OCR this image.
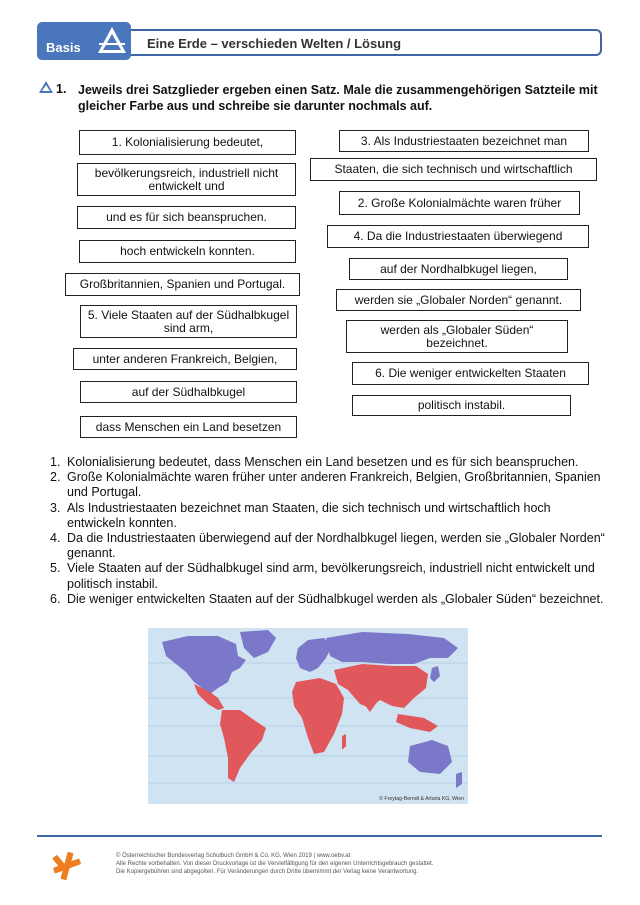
Basis	Eine Erde – verschieden Welten / Lösung
1. Jeweils drei Satzglieder ergeben einen Satz. Male die zusammengehörigen Satzteile mit gleicher Farbe aus und schreibe sie darunter nochmals auf.
1. Kolonialisierung bedeutet,
bevölkerungsreich, industriell nicht entwickelt und
und es für sich beanspruchen.
hoch entwickeln konnten.
Großbritannien, Spanien und Portugal.
5. Viele Staaten auf der Südhalbkugel sind arm,
unter anderen Frankreich, Belgien,
auf der Südhalbkugel
dass Menschen ein Land besetzen
3. Als Industriestaaten bezeichnet man
Staaten, die sich technisch und wirtschaftlich
2. Große Kolonialmächte waren früher
4. Da die Industriestaaten überwiegend
auf der Nordhalbkugel liegen,
werden sie „Globaler Norden“ genannt.
werden als „Globaler Süden“ bezeichnet.
6. Die weniger entwickelten Staaten
politisch instabil.
1. Kolonialisierung bedeutet, dass Menschen ein Land besetzen und es für sich beanspruchen.
2. Große Kolonialmächte waren früher unter anderen Frankreich, Belgien, Großbritannien, Spanien und Portugal.
3. Als Industriestaaten bezeichnet man Staaten, die sich technisch und wirtschaftlich hoch entwickeln konnten.
4. Da die Industriestaaten überwiegend auf der Nordhalbkugel liegen, werden sie „Globaler Norden“ genannt.
5. Viele Staaten auf der Südhalbkugel sind arm, bevölkerungsreich, industriell nicht entwickelt und politisch instabil.
6. Die weniger entwickelten Staaten auf der Südhalbkugel werden als „Globaler Süden“ bezeichnet.
© Freytag-Berndt & Artaria KG, Wien
© Österreichischer Bundesverlag Schulbuch GmbH & Co. KG, Wien 2019 | www.oebv.at
Alle Rechte vorbehalten. Von dieser Druckvorlage ist die Vervielfältigung für den eigenen Unterrichtsgebrauch gestattet.
Die Kopiergebühren sind abgegolten. Für Veränderungen durch Dritte übernimmt der Verlag keine Verantwortung.
